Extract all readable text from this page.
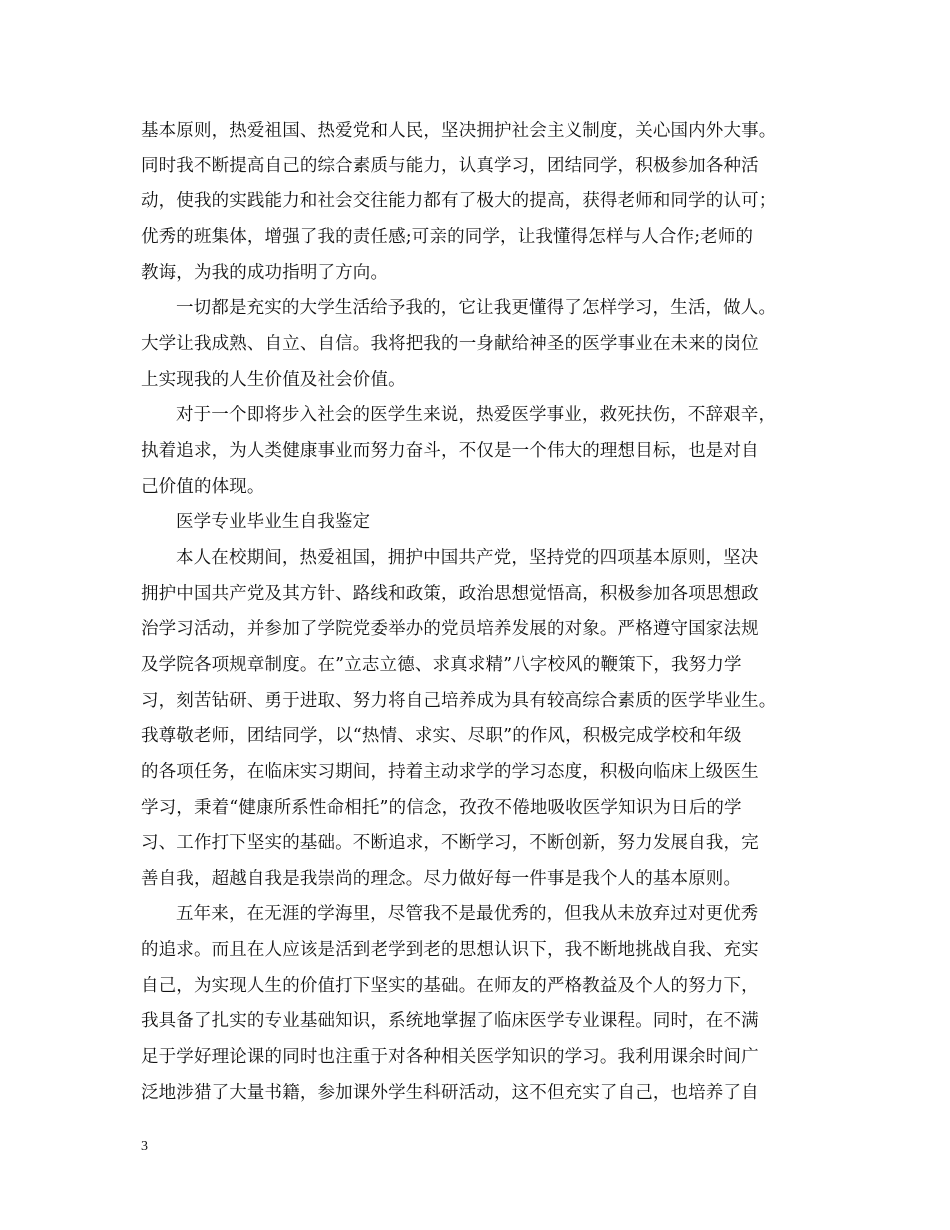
基本原则，热爱祖国、热爱党和人民，坚决拥护社会主义制度，关心国内外大事。
同时我不断提高自己的综合素质与能力，认真学习，团结同学，积极参加各种活
动，使我的实践能力和社会交往能力都有了极大的提高，获得老师和同学的认可；
优秀的班集体，增强了我的责任感;可亲的同学，让我懂得怎样与人合作;老师的
教诲，为我的成功指明了方向。
一切都是充实的大学生活给予我的，它让我更懂得了怎样学习，生活，做人。
大学让我成熟、自立、自信。我将把我的一身献给神圣的医学事业在未来的岗位
上实现我的人生价值及社会价值。
对于一个即将步入社会的医学生来说，热爱医学事业，救死扶伤，不辞艰辛，
执着追求，为人类健康事业而努力奋斗，不仅是一个伟大的理想目标，也是对自
己价值的体现。
医学专业毕业生自我鉴定
本人在校期间，热爱祖国，拥护中国共产党，坚持党的四项基本原则，坚决
拥护中国共产党及其方针、路线和政策，政治思想觉悟高，积极参加各项思想政
治学习活动，并参加了学院党委举办的党员培养发展的对象。严格遵守国家法规
及学院各项规章制度。在”立志立德、求真求精”八字校风的鞭策下，我努力学
习，刻苦钻研、勇于进取、努力将自己培养成为具有较高综合素质的医学毕业生。
我尊敬老师，团结同学，以“热情、求实、尽职”的作风，积极完成学校和年级
的各项任务，在临床实习期间，持着主动求学的学习态度，积极向临床上级医生
学习，秉着“健康所系性命相托”的信念，孜孜不倦地吸收医学知识为日后的学
习、工作打下坚实的基础。不断追求，不断学习，不断创新，努力发展自我，完
善自我，超越自我是我崇尚的理念。尽力做好每一件事是我个人的基本原则。
五年来，在无涯的学海里，尽管我不是最优秀的，但我从未放弃过对更优秀
的追求。而且在人应该是活到老学到老的思想认识下，我不断地挑战自我、充实
自己，为实现人生的价值打下坚实的基础。在师友的严格教益及个人的努力下，
我具备了扎实的专业基础知识，系统地掌握了临床医学专业课程。同时，在不满
足于学好理论课的同时也注重于对各种相关医学知识的学习。我利用课余时间广
泛地涉猎了大量书籍，参加课外学生科研活动，这不但充实了自己，也培养了自
3
